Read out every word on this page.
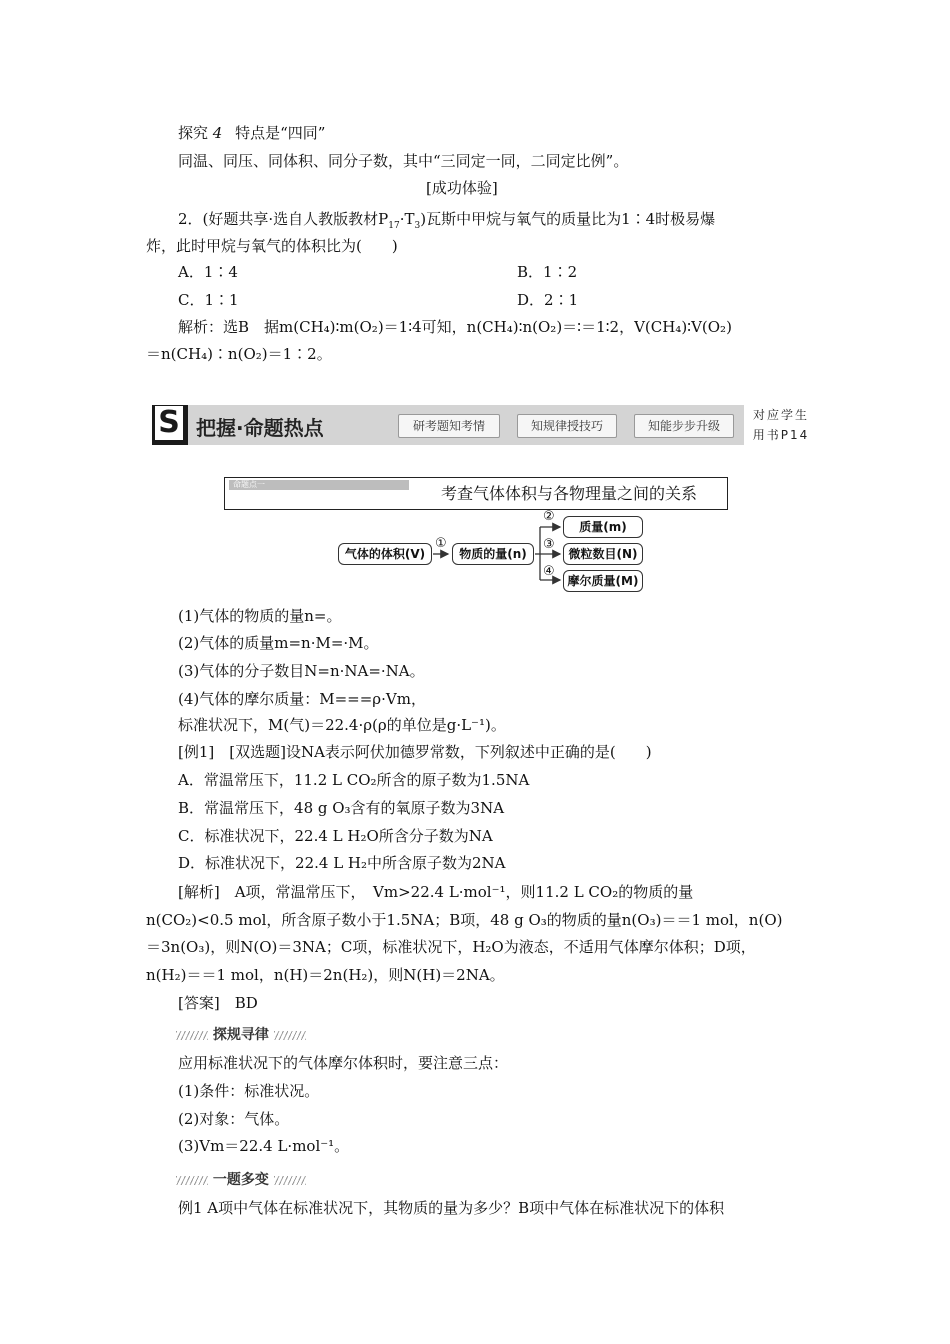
探究 4 特点是“四同”
同温、同压、同体积、同分子数，其中“三同定一同，二同定比例”。
[成功体验]
2．(好题共享·选自人教版教材$P_{17}\cdot T_3$)瓦斯中甲烷与氧气的质量比为1∶4时极易爆
炸，此时甲烷与氧气的体积比为(　　)
A．1∶4	B．1∶2
C．1∶1	D．2∶1
解析：选B　据m(CH₄)∶m(O₂)＝1∶4可知，n(CH₄)∶n(O₂)＝∶＝1∶2，V(CH₄)∶V(O₂)
＝n(CH₄)∶n(O₂)＝1∶2。
S 把握·命题热点	研考题知考情	知规律授技巧	知能步步升级
对应学生
用书P14
命题点一	考查气体体积与各物理量之间的关系
气体的体积(V)	物质的量(n)
质量(m)
微粒数目(N)
摩尔质量(M)
①
②
③
④
(1)气体的物质的量n=。
(2)气体的质量m=n·M=·M。
(3)气体的分子数目N=n·NA=·NA。
(4)气体的摩尔质量：M===ρ·Vm，
标准状况下，M(气)＝22.4·ρ(ρ的单位是g·L⁻¹)。
[例1]　[双选题]设NA表示阿伏加德罗常数，下列叙述中正确的是(　　)
A．常温常压下，11.2 L CO₂所含的原子数为1.5NA
B．常温常压下，48 g O₃含有的氧原子数为3NA
C．标准状况下，22.4 L H₂O所含分子数为NA
D．标准状况下，22.4 L H₂中所含原子数为2NA
[解析]　A项，常温常压下，　Vm>22.4 L·mol⁻¹，则11.2 L CO₂的物质的量
n(CO₂)<0.5 mol，所含原子数小于1.5NA；B项，48 g O₃的物质的量n(O₃)＝＝1 mol，n(O)
＝3n(O₃)，则N(O)＝3NA；C项，标准状况下，H₂O为液态，不适用气体摩尔体积；D项，
n(H₂)＝＝1 mol，n(H)＝2n(H₂)，则N(H)＝2NA。
[答案]　BD
探规寻律
应用标准状况下的气体摩尔体积时，要注意三点：
(1)条件：标准状况。
(2)对象：气体。
(3)Vm＝22.4 L·mol⁻¹。
一题多变
例1 A项中气体在标准状况下，其物质的量为多少？B项中气体在标准状况下的体积
